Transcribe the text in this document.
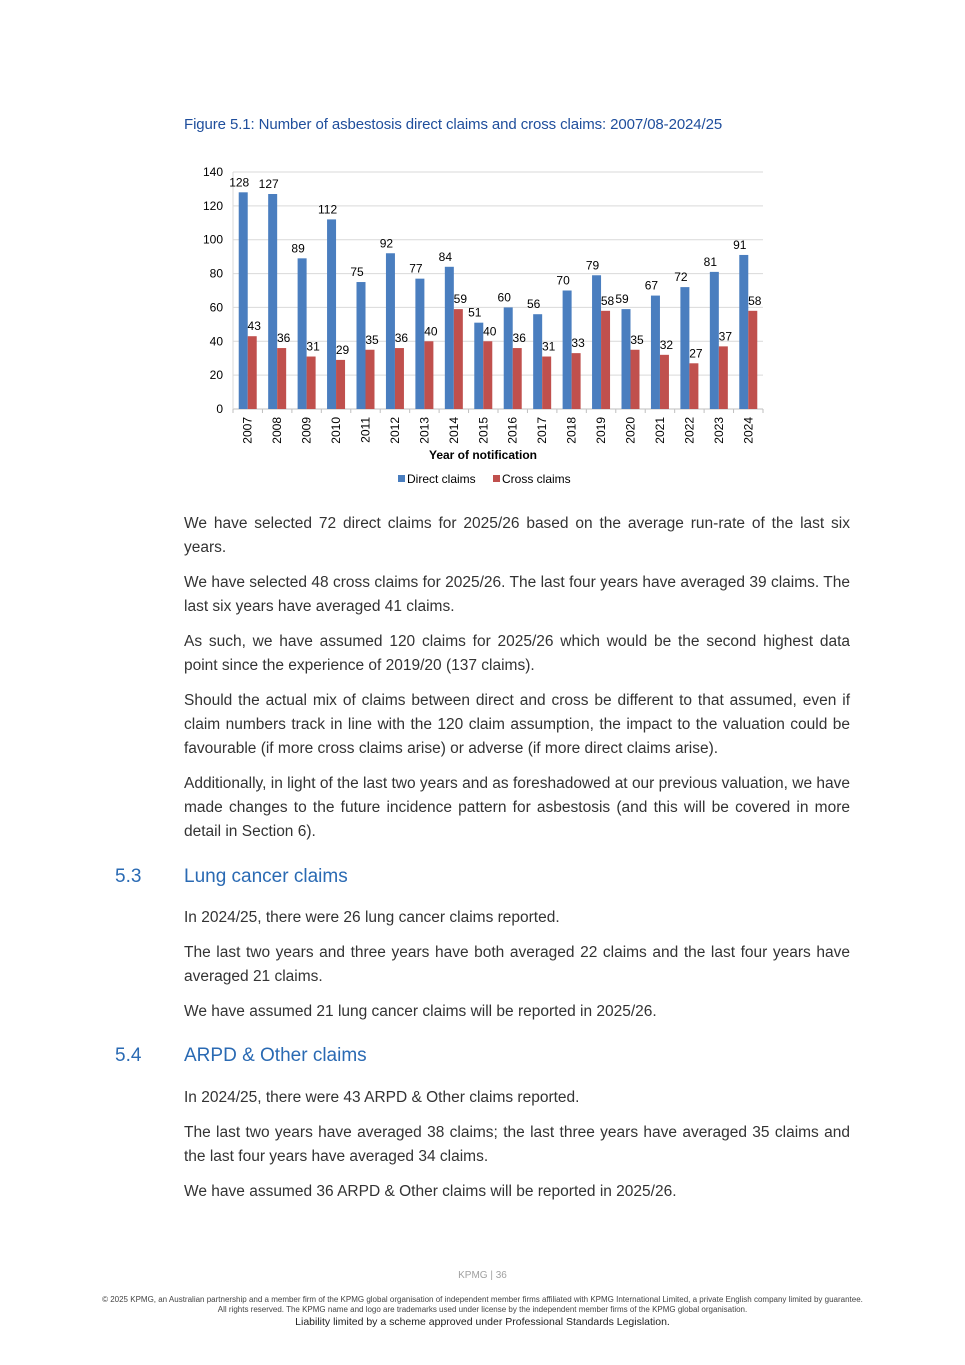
Figure 5.1: Number of asbestosis direct claims and cross claims: 2007/08-2024/25
0
20
40
60
80
100
120
140
128
43
127
36
89
31
112
29
75
35
92
36
77
40
84
59
51
40
60
36
56
31
70
33
79
58 59
35
67
32
72
27
81
37
91
58
2007 2008 2009 2010 2011 2012 2013 2014 2015 2016 2017 2018 2019 2020 2021 2022 2023 2024
Year of notification
Direct claims Cross claims

We have selected 72 direct claims for 2025/26 based on the average run-rate of the last six years.

We have selected 48 cross claims for 2025/26. The last four years have averaged 39 claims. The last six years have averaged 41 claims.

As such, we have assumed 120 claims for 2025/26 which would be the second highest data point since the experience of 2019/20 (137 claims).

Should the actual mix of claims between direct and cross be different to that assumed, even if claim numbers track in line with the 120 claim assumption, the impact to the valuation could be favourable (if more cross claims arise) or adverse (if more direct claims arise).

Additionally, in light of the last two years and as foreshadowed at our previous valuation, we have made changes to the future incidence pattern for asbestosis (and this will be covered in more detail in Section 6).

5.3 Lung cancer claims

In 2024/25, there were 26 lung cancer claims reported.

The last two years and three years have both averaged 22 claims and the last four years have averaged 21 claims.

We have assumed 21 lung cancer claims will be reported in 2025/26.

5.4 ARPD & Other claims

In 2024/25, there were 43 ARPD & Other claims reported.

The last two years have averaged 38 claims; the last three years have averaged 35 claims and the last four years have averaged 34 claims.

We have assumed 36 ARPD & Other claims will be reported in 2025/26.

KPMG | 36
© 2025 KPMG, an Australian partnership and a member firm of the KPMG global organisation of independent member firms affiliated with KPMG International Limited, a private English company limited by guarantee. All rights reserved. The KPMG name and logo are trademarks used under license by the independent member firms of the KPMG global organisation.
Liability limited by a scheme approved under Professional Standards Legislation.
